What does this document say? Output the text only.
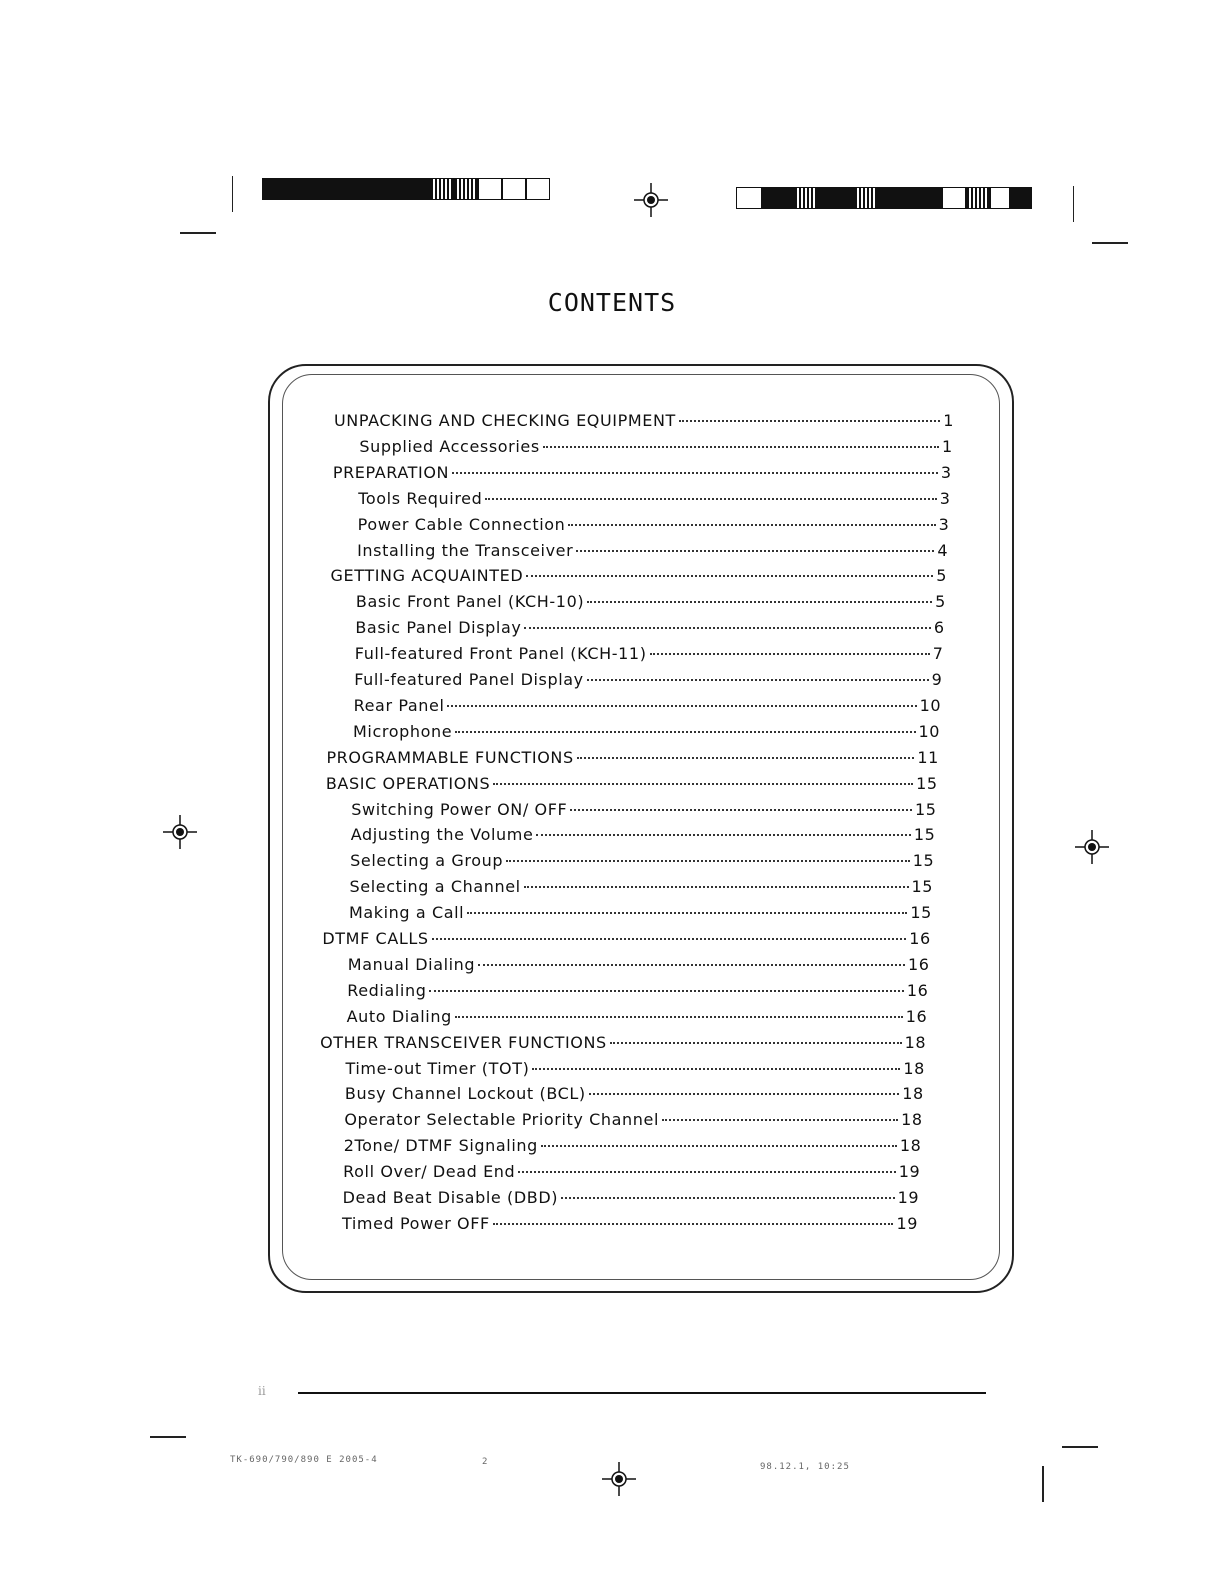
CONTENTS
UNPACKING AND CHECKING EQUIPMENT	1
Supplied Accessories	1
PREPARATION	3
Tools Required	3
Power Cable Connection	3
Installing the Transceiver	4
GETTING ACQUAINTED	5
Basic Front Panel (KCH-10)	5
Basic Panel Display	6
Full-featured Front Panel (KCH-11)	7
Full-featured Panel Display	9
Rear Panel	10
Microphone	10
PROGRAMMABLE FUNCTIONS	11
BASIC OPERATIONS	15
Switching Power ON/ OFF	15
Adjusting the Volume	15
Selecting a Group	15
Selecting a Channel	15
Making a Call	15
DTMF CALLS	16
Manual Dialing	16
Redialing	16
Auto Dialing	16
OTHER TRANSCEIVER FUNCTIONS	18
Time-out Timer (TOT)	18
Busy Channel Lockout (BCL)	18
Operator Selectable Priority Channel	18
2Tone/ DTMF Signaling	18
Roll Over/ Dead End	19
Dead Beat Disable (DBD)	19
Timed Power OFF	19
ii
TK-690/790/890 E 2005-4	2	98.12.1, 10:25
